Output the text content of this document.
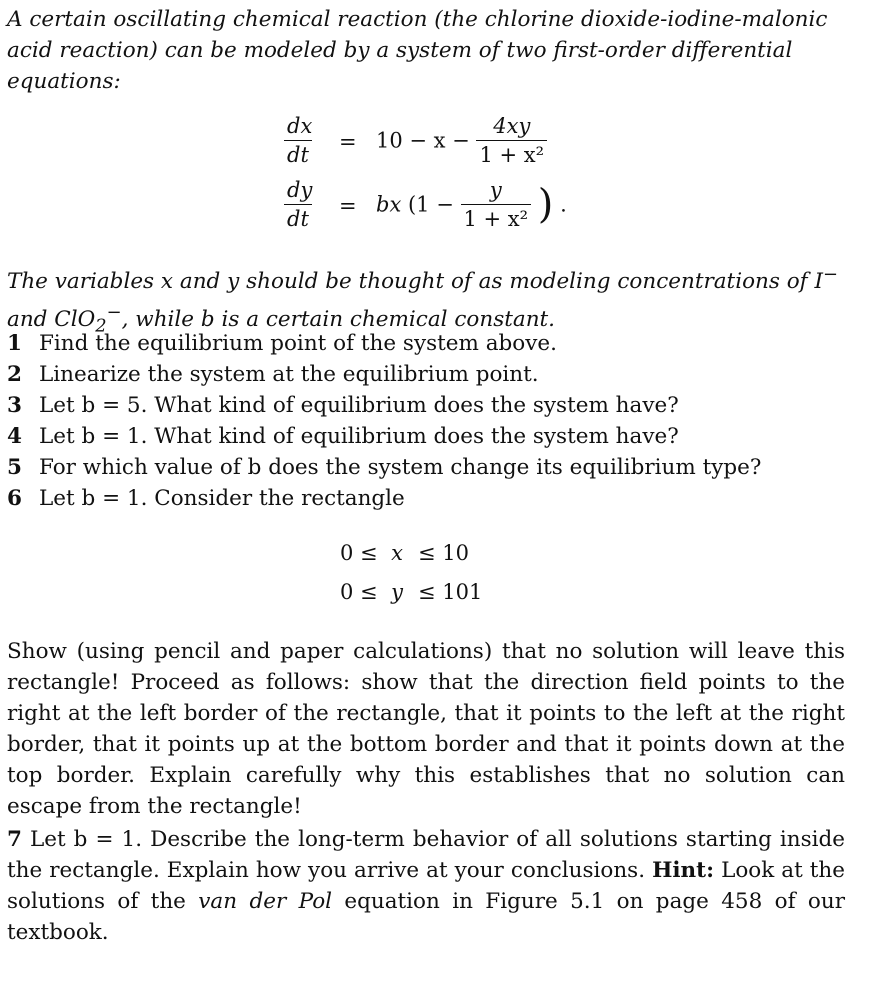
A certain oscillating chemical reaction (the chlorine dioxide-iodine-malonic acid reaction) can be modeled by a system of two first-order differential equations:

$\frac{dx}{dt} = 10 - x - \frac{4xy}{\text{1 + x²}}$
$\frac{dy}{dt}$ = bx ($1 - \frac{y}{\text{1 + x²}}$ ) .

The variables x and y should be thought of as modeling concentrations of I− and ClO$_2$−, while b is a certain chemical constant.

1 Find the equilibrium point of the system above.
2 Linearize the system at the equilibrium point.
3 Let b = 5. What kind of equilibrium does the system have?
4 Let b = 1. What kind of equilibrium does the system have?
5 For which value of b does the system change its equilibrium type?
6 Let b = 1. Consider the rectangle
0 ≤ x ≤ 10
0 ≤ y ≤ 101

Show (using pencil and paper calculations) that no solution will leave this rectangle! Proceed as follows: show that the direction field points to the right at the left border of the rectangle, that it points to the left at the right border, that it points up at the bottom border and that it points down at the top border. Explain carefully why this establishes that no solution can escape from the rectangle!

7 Let b = 1. Describe the long-term behavior of all solutions starting inside the rectangle. Explain how you arrive at your conclusions. Hint: Look at the solutions of the van der Pol equation in Figure 5.1 on page 458 of our textbook.
